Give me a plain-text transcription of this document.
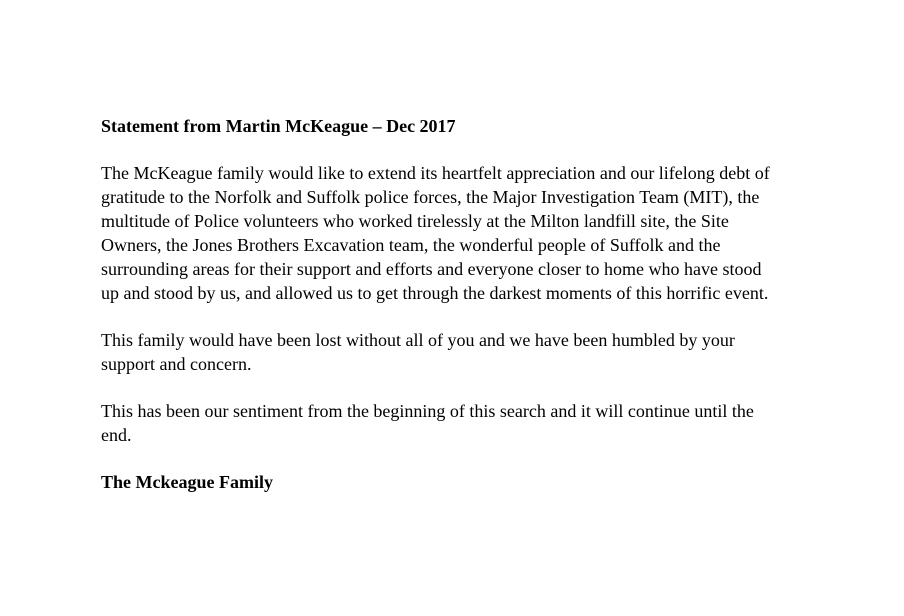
Statement from Martin McKeague – Dec 2017

The McKeague family would like to extend its heartfelt appreciation and our lifelong debt of
gratitude to the Norfolk and Suffolk police forces, the Major Investigation Team (MIT), the
multitude of Police volunteers who worked tirelessly at the Milton landfill site, the Site
Owners, the Jones Brothers Excavation team, the wonderful people of Suffolk and the
surrounding areas for their support and efforts and everyone closer to home who have stood
up and stood by us, and allowed us to get through the darkest moments of this horrific event.

This family would have been lost without all of you and we have been humbled by your
support and concern.

This has been our sentiment from the beginning of this search and it will continue until the
end.

The Mckeague Family
